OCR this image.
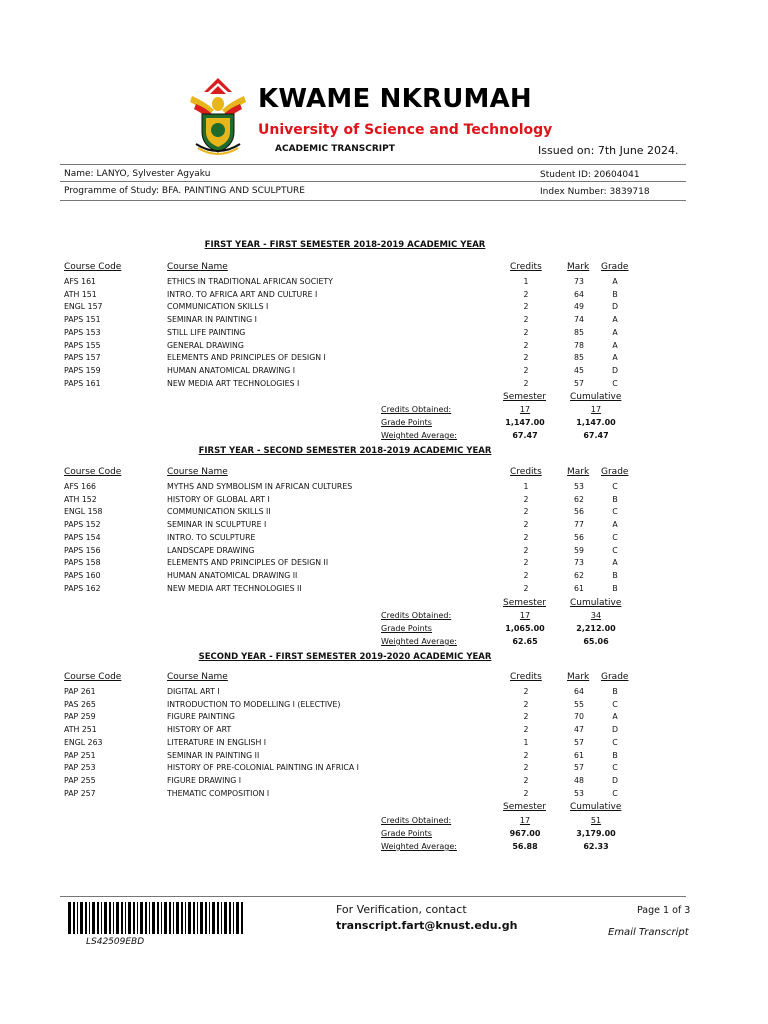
KWAME NKRUMAH
University of Science and Technology
ACADEMIC TRANSCRIPT	Issued on: 7th June 2024.
Name: LANYO, Sylvester Agyaku	Student ID: 20604041
Programme of Study: BFA. PAINTING AND SCULPTURE	Index Number: 3839718
FIRST YEAR - FIRST SEMESTER 2018-2019 ACADEMIC YEAR
Course Code	Course Name	Credits	Mark Grade
AFS 161	ETHICS IN TRADITIONAL AFRICAN SOCIETY	1	73	A
ATH 151	INTRO. TO AFRICA ART AND CULTURE I	2	64	B
ENGL 157	COMMUNICATION SKILLS I	2	49	D
PAPS 151	SEMINAR IN PAINTING I	2	74	A
PAPS 153	STILL LIFE PAINTING	2	85	A
PAPS 155	GENERAL DRAWING	2	78	A
PAPS 157	ELEMENTS AND PRINCIPLES OF DESIGN I	2	85	A
PAPS 159	HUMAN ANATOMICAL DRAWING I	2	45	D
PAPS 161	NEW MEDIA ART TECHNOLOGIES I	2	57	C
Semester	Cumulative
Credits Obtained:	17	17
Grade Points	1,147.00	1,147.00
Weighted Average:	67.47	67.47
FIRST YEAR - SECOND SEMESTER 2018-2019 ACADEMIC YEAR
Course Code	Course Name	Credits	Mark Grade
AFS 166	MYTHS AND SYMBOLISM IN AFRICAN CULTURES	1	53	C
ATH 152	HISTORY OF GLOBAL ART I	2	62	B
ENGL 158	COMMUNICATION SKILLS II	2	56	C
PAPS 152	SEMINAR IN SCULPTURE I	2	77	A
PAPS 154	INTRO. TO SCULPTURE	2	56	C
PAPS 156	LANDSCAPE DRAWING	2	59	C
PAPS 158	ELEMENTS AND PRINCIPLES OF DESIGN II	2	73	A
PAPS 160	HUMAN ANATOMICAL DRAWING II	2	62	B
PAPS 162	NEW MEDIA ART TECHNOLOGIES II	2	61	B
Semester	Cumulative
Credits Obtained:	17	34
Grade Points	1,065.00	2,212.00
Weighted Average:	62.65	65.06
SECOND YEAR - FIRST SEMESTER 2019-2020 ACADEMIC YEAR
Course Code	Course Name	Credits	Mark Grade
PAP 261	DIGITAL ART I	2	64	B
PAS 265	INTRODUCTION TO MODELLING I (ELECTIVE)	2	55	C
PAP 259	FIGURE PAINTING	2	70	A
ATH 251	HISTORY OF ART	2	47	D
ENGL 263	LITERATURE IN ENGLISH I	1	57	C
PAP 251	SEMINAR IN PAINTING II	2	61	B
PAP 253	HISTORY OF PRE-COLONIAL PAINTING IN AFRICA I	2	57	C
PAP 255	FIGURE DRAWING I	2	48	D
PAP 257	THEMATIC COMPOSITION I	2	53	C
Semester	Cumulative
Credits Obtained:	17	51
Grade Points	967.00	3,179.00
Weighted Average:	56.88	62.33
LS42509EBD
For Verification, contact
transcript.fart@knust.edu.gh
Page 1 of 3
Email Transcript
